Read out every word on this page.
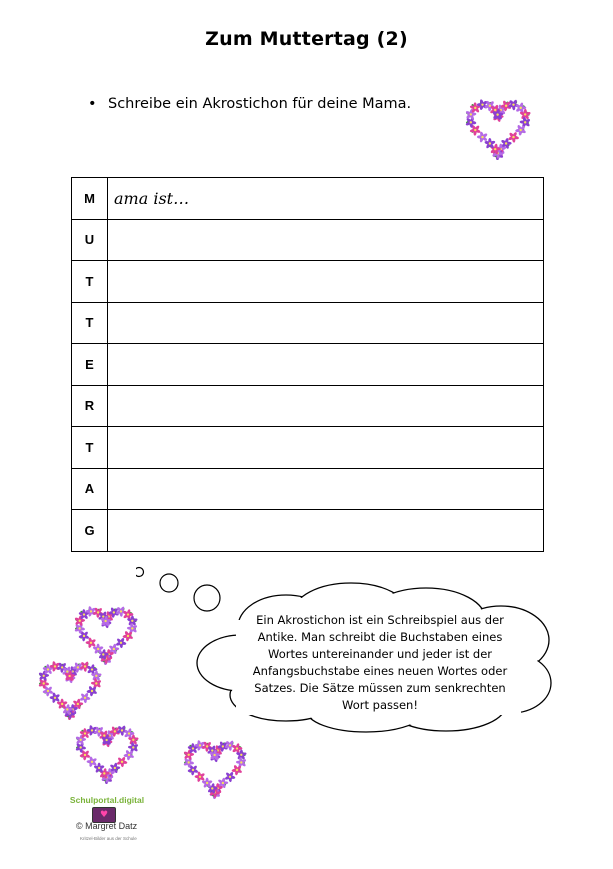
Zum Muttertag (2)
• Schreibe ein Akrostichon für deine Mama.
M	ama ist…
U	
T	
T	
E	
R	
T	
A	
G	
Ein Akrostichon ist ein Schreibspiel aus der
Antike. Man schreibt die Buchstaben eines
Wortes untereinander und jeder ist der
Anfangsbuchstabe eines neuen Wortes oder
Satzes. Die Sätze müssen zum senkrechten
Wort passen!
Schulportal.digital
♥
© Margret Datz
Kritzel-Bilder aus der Schule
